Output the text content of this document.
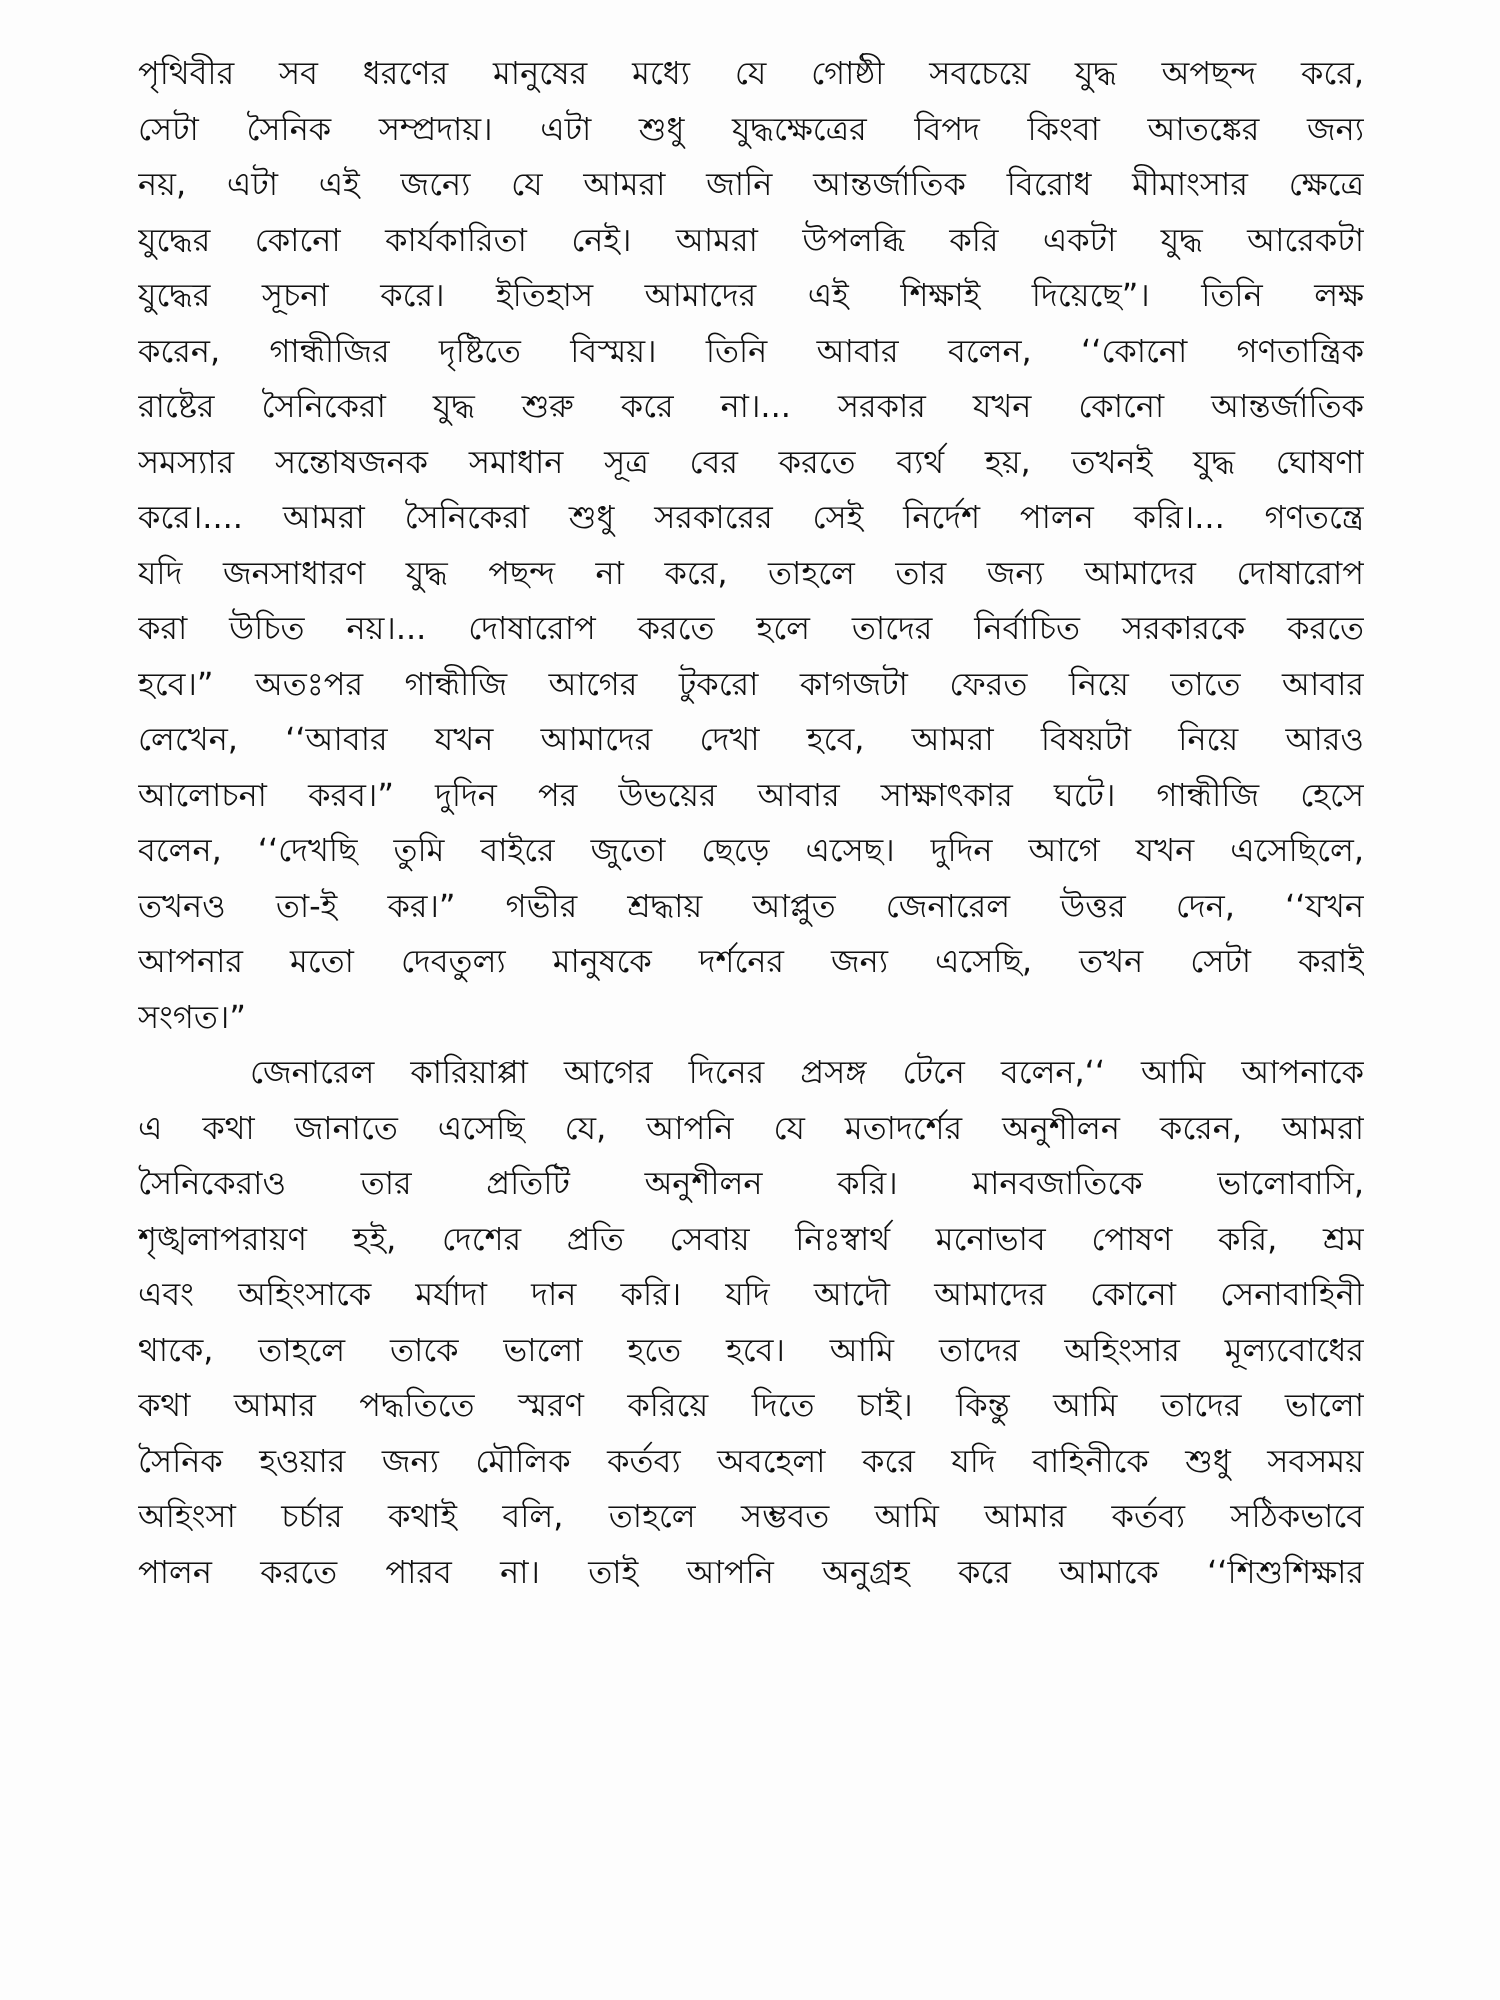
পৃথিবীর সব ধরণের মানুষের মধ্যে যে গোষ্ঠী সবচেয়ে যুদ্ধ অপছন্দ করে,
সেটা সৈনিক সম্প্রদায়। এটা শুধু যুদ্ধক্ষেত্রের বিপদ কিংবা আতঙ্কের জন্য
নয়, এটা এই জন্যে যে আমরা জানি আন্তর্জাতিক বিরোধ মীমাংসার ক্ষেত্রে
যুদ্ধের কোনো কার্যকারিতা নেই। আমরা উপলব্ধি করি একটা যুদ্ধ আরেকটা
যুদ্ধের সূচনা করে। ইতিহাস আমাদের এই শিক্ষাই দিয়েছে”। তিনি লক্ষ
করেন, গান্ধীজির দৃষ্টিতে বিস্ময়। তিনি আবার বলেন, ‘‘কোনো গণতান্ত্রিক
রাষ্টের সৈনিকেরা যুদ্ধ শুরু করে না।... সরকার যখন কোনো আন্তর্জাতিক
সমস্যার সন্তোষজনক সমাধান সূত্র বের করতে ব্যর্থ হয়, তখনই যুদ্ধ ঘোষণা
করে।.... আমরা সৈনিকেরা শুধু সরকারের সেই নির্দেশ পালন করি।... গণতন্ত্রে
যদি জনসাধারণ যুদ্ধ পছন্দ না করে, তাহলে তার জন্য আমাদের দোষারোপ
করা উচিত নয়।... দোষারোপ করতে হলে তাদের নির্বাচিত সরকারকে করতে
হবে।” অতঃপর গান্ধীজি আগের টুকরো কাগজটা ফেরত নিয়ে তাতে আবার
লেখেন, ‘‘আবার যখন আমাদের দেখা হবে, আমরা বিষয়টা নিয়ে আরও
আলোচনা করব।” দুদিন পর উভয়ের আবার সাক্ষাৎকার ঘটে। গান্ধীজি হেসে
বলেন, ‘‘দেখছি তুমি বাইরে জুতো ছেড়ে এসেছ। দুদিন আগে যখন এসেছিলে,
তখনও তা-ই কর।” গভীর শ্রদ্ধায় আপ্লুত জেনারেল উত্তর দেন, ‘‘যখন
আপনার মতো দেবতুল্য মানুষকে দর্শনের জন্য এসেছি, তখন সেটা করাই
সংগত।”
জেনারেল কারিয়াপ্পা আগের দিনের প্রসঙ্গ টেনে বলেন,‘‘ আমি আপনাকে
এ কথা জানাতে এসেছি যে, আপনি যে মতাদর্শের অনুশীলন করেন, আমরা
সৈনিকেরাও তার প্রতিটি অনুশীলন করি। মানবজাতিকে ভালোবাসি,
শৃঙ্খলাপরায়ণ হই, দেশের প্রতি সেবায় নিঃস্বার্থ মনোভাব পোষণ করি, শ্রম
এবং অহিংসাকে মর্যাদা দান করি। যদি আদৌ আমাদের কোনো সেনাবাহিনী
থাকে, তাহলে তাকে ভালো হতে হবে। আমি তাদের অহিংসার মূল্যবোধের
কথা আমার পদ্ধতিতে স্মরণ করিয়ে দিতে চাই। কিন্তু আমি তাদের ভালো
সৈনিক হওয়ার জন্য মৌলিক কর্তব্য অবহেলা করে যদি বাহিনীকে শুধু সবসময়
অহিংসা চর্চার কথাই বলি, তাহলে সম্ভবত আমি আমার কর্তব্য সঠিকভাবে
পালন করতে পারব না। তাই আপনি অনুগ্রহ করে আমাকে ‘‘শিশুশিক্ষার
